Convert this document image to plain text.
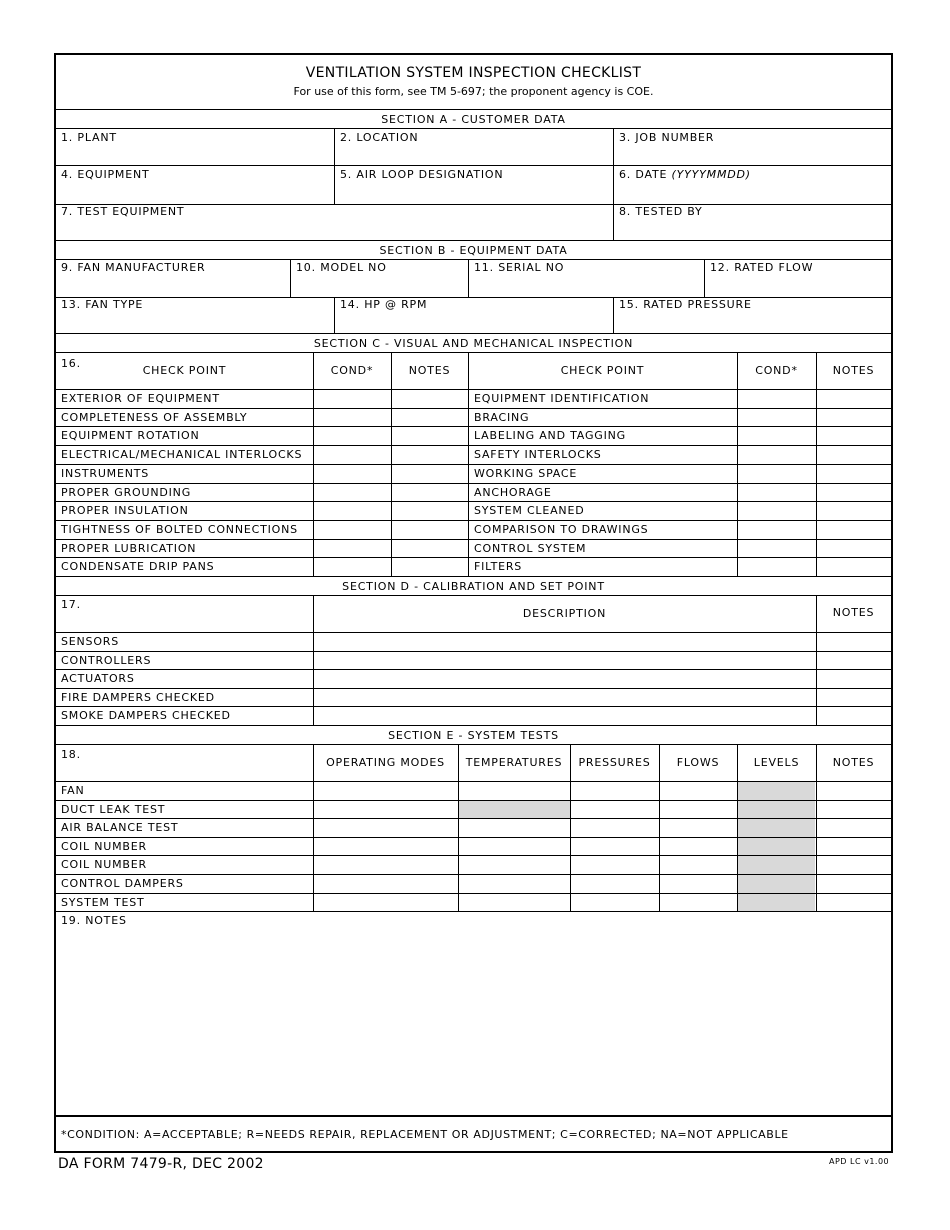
VENTILATION SYSTEM INSPECTION CHECKLIST
For use of this form, see TM 5-697; the proponent agency is COE.
SECTION A - CUSTOMER DATA
1. PLANT	2. LOCATION	3. JOB NUMBER
4. EQUIPMENT	5. AIR LOOP DESIGNATION	6. DATE (YYYYMMDD)
7. TEST EQUIPMENT	8. TESTED BY
SECTION B - EQUIPMENT DATA
9. FAN MANUFACTURER	10. MODEL NO	11. SERIAL NO	12. RATED FLOW
13. FAN TYPE	14. HP @ RPM	15. RATED PRESSURE
SECTION C - VISUAL AND MECHANICAL INSPECTION
16.
CHECK POINT	COND*	NOTES	CHECK POINT	COND*	NOTES
EXTERIOR OF EQUIPMENT	EQUIPMENT IDENTIFICATION
COMPLETENESS OF ASSEMBLY	BRACING
EQUIPMENT ROTATION	LABELING AND TAGGING
ELECTRICAL/MECHANICAL INTERLOCKS	SAFETY INTERLOCKS
INSTRUMENTS	WORKING SPACE
PROPER GROUNDING	ANCHORAGE
PROPER INSULATION	SYSTEM CLEANED
TIGHTNESS OF BOLTED CONNECTIONS	COMPARISON TO DRAWINGS
PROPER LUBRICATION	CONTROL SYSTEM
CONDENSATE DRIP PANS	FILTERS
SECTION D - CALIBRATION AND SET POINT
17.
DESCRIPTION	NOTES
SENSORS
CONTROLLERS
ACTUATORS
FIRE DAMPERS CHECKED
SMOKE DAMPERS CHECKED
SECTION E - SYSTEM TESTS
18.
OPERATING MODES	TEMPERATURES	PRESSURES	FLOWS	LEVELS	NOTES
FAN
DUCT LEAK TEST
AIR BALANCE TEST
COIL NUMBER
COIL NUMBER
CONTROL DAMPERS
SYSTEM TEST
19. NOTES
*CONDITION: A=ACCEPTABLE; R=NEEDS REPAIR, REPLACEMENT OR ADJUSTMENT; C=CORRECTED; NA=NOT APPLICABLE
DA FORM 7479-R, DEC 2002	APD LC v1.00
